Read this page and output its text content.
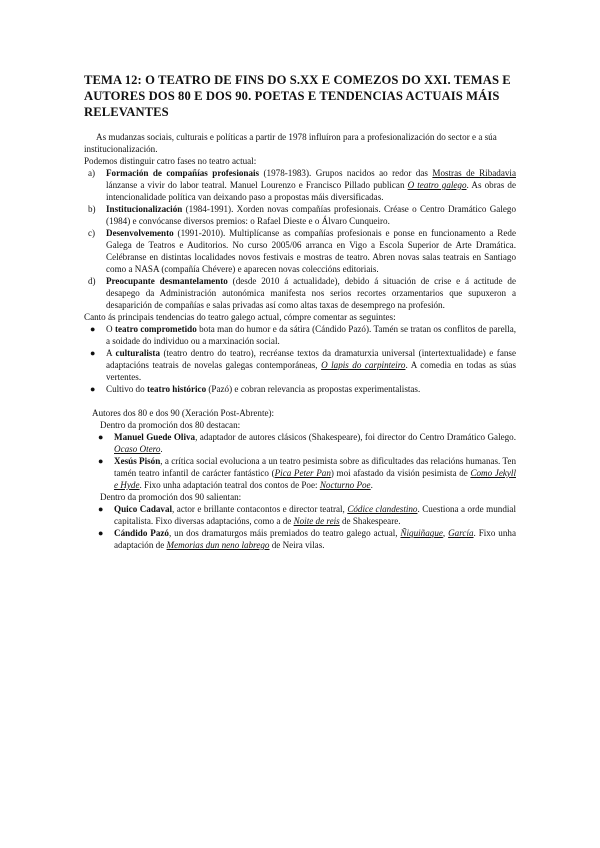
TEMA 12: O TEATRO DE FINS DO S.XX E COMEZOS DO XXI. TEMAS E AUTORES DOS 80 E DOS 90. POETAS E TENDENCIAS ACTUAIS MÁIS RELEVANTES

As mudanzas sociais, culturais e políticas a partir de 1978 influíron para a profesionalización do sector e a súa institucionalización.

Podemos distinguir catro fases no teatro actual:

a) Formación de compañías profesionais (1978-1983). Grupos nacidos ao redor das Mostras de Ribadavia lánzanse a vivir do labor teatral. Manuel Lourenzo e Francisco Pillado publican O teatro galego. As obras de intencionalidade política van deixando paso a propostas máis diversificadas.
b) Institucionalización (1984-1991). Xorden novas compañías profesionais. Créase o Centro Dramático Galego (1984) e convócanse diversos premios: o Rafael Dieste e o Álvaro Cunqueiro.
c) Desenvolvemento (1991-2010). Multiplícanse as compañías profesionais e ponse en funcionamento a Rede Galega de Teatros e Auditorios. No curso 2005/06 arranca en Vigo a Escola Superior de Arte Dramática. Celébranse en distintas localidades novos festivais e mostras de teatro. Abren novas salas teatrais en Santiago como a NASA (compañía Chévere) e aparecen novas coleccións editoriais.
d) Preocupante desmantelamento (desde 2010 á actualidade), debido á situación de crise e á actitude de desapego da Administración autonómica manifesta nos serios recortes orzamentarios que supuxeron a desaparición de compañías e salas privadas así como altas taxas de desemprego na profesión.

Canto ás principais tendencias do teatro galego actual, cómpre comentar as seguintes:

● O teatro comprometido bota man do humor e da sátira (Cándido Pazó). Tamén se tratan os conflitos de parella, a soidade do individuo ou a marxinación social.
● A culturalista (teatro dentro do teatro), recréanse textos da dramaturxia universal (intertextualidade) e fanse adaptacións teatrais de novelas galegas contemporáneas, O lapis do carpinteiro. A comedia en todas as súas vertentes.
● Cultivo do teatro histórico (Pazó) e cobran relevancia as propostas experimentalistas.

Autores dos 80 e dos 90 (Xeración Post-Abrente):

Dentro da promoción dos 80 destacan:

● Manuel Guede Oliva, adaptador de autores clásicos (Shakespeare), foi director do Centro Dramático Galego. Ocaso Otero.
● Xesús Pisón, a crítica social evoluciona a un teatro pesimista sobre as dificultades das relacións humanas. Ten tamén teatro infantil de carácter fantástico (Pica Peter Pan) moi afastado da visión pesimista de Como Jekyll e Hyde. Fixo unha adaptación teatral dos contos de Poe: Nocturno Poe.

Dentro da promoción dos 90 salientan:

● Quico Cadaval, actor e brillante contacontos e director teatral, Códice clandestino. Cuestiona a orde mundial capitalista. Fixo diversas adaptacións, como a de Noite de reis de Shakespeare.
● Cándido Pazó, un dos dramaturgos máis premiados do teatro galego actual, Ñiquiñaque, García. Fixo unha adaptación de Memorias dun neno labrego de Neira vilas.
